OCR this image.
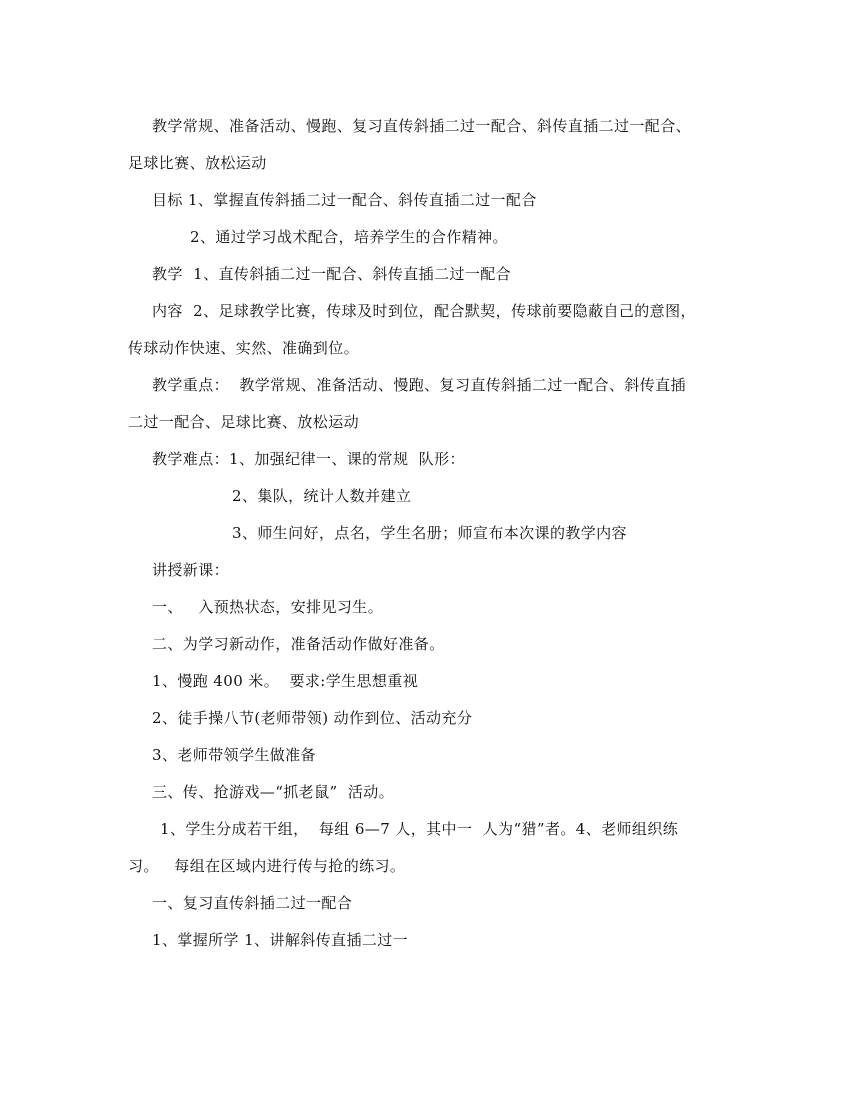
教学常规、准备活动、慢跑、复习直传斜插二过一配合、斜传直插二过一配合、
足球比赛、放松运动
目标 1、掌握直传斜插二过一配合、斜传直插二过一配合
2、通过学习战术配合，培养学生的合作精神。
教学  1、直传斜插二过一配合、斜传直插二过一配合
内容  2、足球教学比赛，传球及时到位，配合默契，传球前要隐蔽自己的意图，
传球动作快速、实然、准确到位。
教学重点：  教学常规、准备活动、慢跑、复习直传斜插二过一配合、斜传直插
二过一配合、足球比赛、放松运动
教学难点：1、加强纪律一、课的常规  队形：
2、集队，统计人数并建立
3、师生问好，点名，学生名册；师宣布本次课的教学内容
讲授新课：
一、   入预热状态，安排见习生。
二、为学习新动作，准备活动作做好准备。
1、慢跑 400 米。  要求:学生思想重视
2、徒手操八节(老师带领) 动作到位、活动充分
3、老师带领学生做准备
三、传、抢游戏—“抓老鼠”  活动。
1、学生分成若干组，  每组 6—7 人，其中一  人为“猎”者。4、老师组织练
习。   每组在区域内进行传与抢的练习。
一、复习直传斜插二过一配合
1、掌握所学 1、讲解斜传直插二过一
